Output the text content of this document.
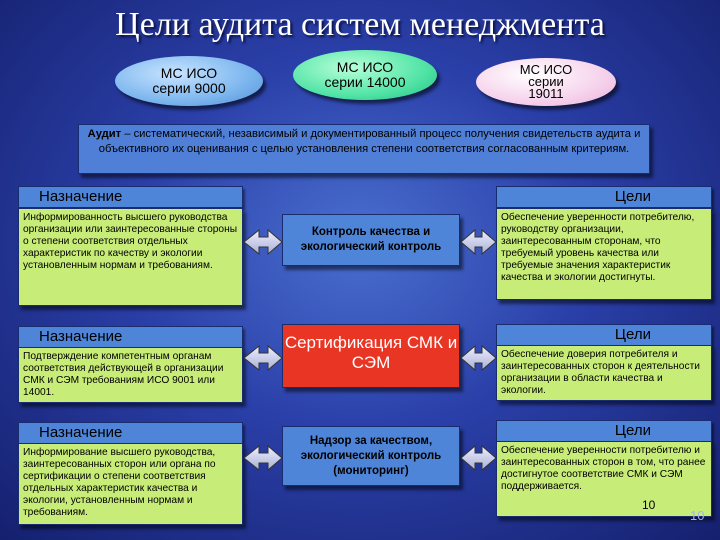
Цели аудита систем менеджмента
МС ИСО
серии 9000
МС ИСО
серии 14000
МС ИСО
серии
19011
Аудит – систематический, независимый и документированный процесс получения свидетельств аудита и объективного их оценивания с целью установления степени соответствия согласованным критериям.
Назначение
Информированность высшего руководства организации или заинтересованные стороны о степени соответствия отдельных характеристик по качеству и экологии установленным нормам и требованиям.
Контроль качества и экологический контроль
Цели
Обеспечение уверенности потребителю, руководству организации, заинтересованным сторонам, что требуемый уровень качества или требуемые значения характеристик качества и экологии достигнуты.
Назначение
Подтверждение компетентным органам соответствия действующей в организации СМК и СЭМ требованиям ИСО 9001 или 14001.
Сертификация СМК и СЭМ
Цели
Обеспечение доверия потребителя и заинтересованных сторон к деятельности организации в области качества и экологии.
Назначение
Информирование высшего руководства, заинтересованных сторон или органа по сертификации о степени соответствия отдельных характеристик качества и экологии, установленным нормам и требованиям.
Надзор за качеством, экологический контроль (мониторинг)
Цели
Обеспечение уверенности потребителю и заинтересованных сторон в том, что ранее достигнутое соответствие СМК и СЭМ поддерживается.
10
10
